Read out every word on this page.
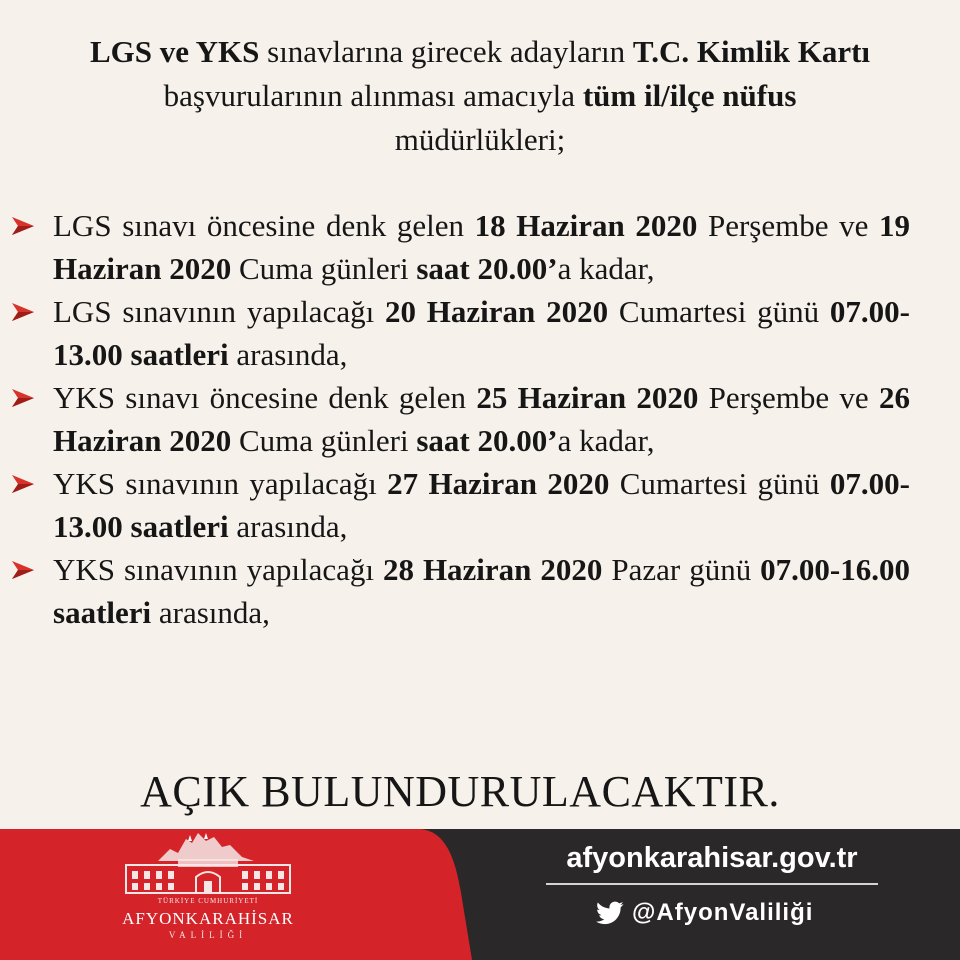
LGS ve YKS sınavlarına girecek adayların T.C. Kimlik Kartı
başvurularının alınması amacıyla tüm il/ilçe nüfus
müdürlükleri;
LGS sınavı öncesine denk gelen 18 Haziran 2020 Perşembe ve 19 Haziran 2020 Cuma günleri saat 20.00’a kadar,
LGS sınavının yapılacağı 20 Haziran 2020 Cumartesi günü 07.00-13.00 saatleri arasında,
YKS sınavı öncesine denk gelen 25 Haziran 2020 Perşembe ve 26 Haziran 2020 Cuma günleri saat 20.00’a kadar,
YKS sınavının yapılacağı 27 Haziran 2020 Cumartesi günü 07.00-13.00 saatleri arasında,
YKS sınavının yapılacağı 28 Haziran 2020 Pazar günü 07.00-16.00 saatleri arasında,
AÇIK BULUNDURULACAKTIR.
TÜRKİYE CUMHURİYETİ
AFYONKARAHİSAR
VALİLİĞİ
afyonkarahisar.gov.tr
@AfyonValiliği
